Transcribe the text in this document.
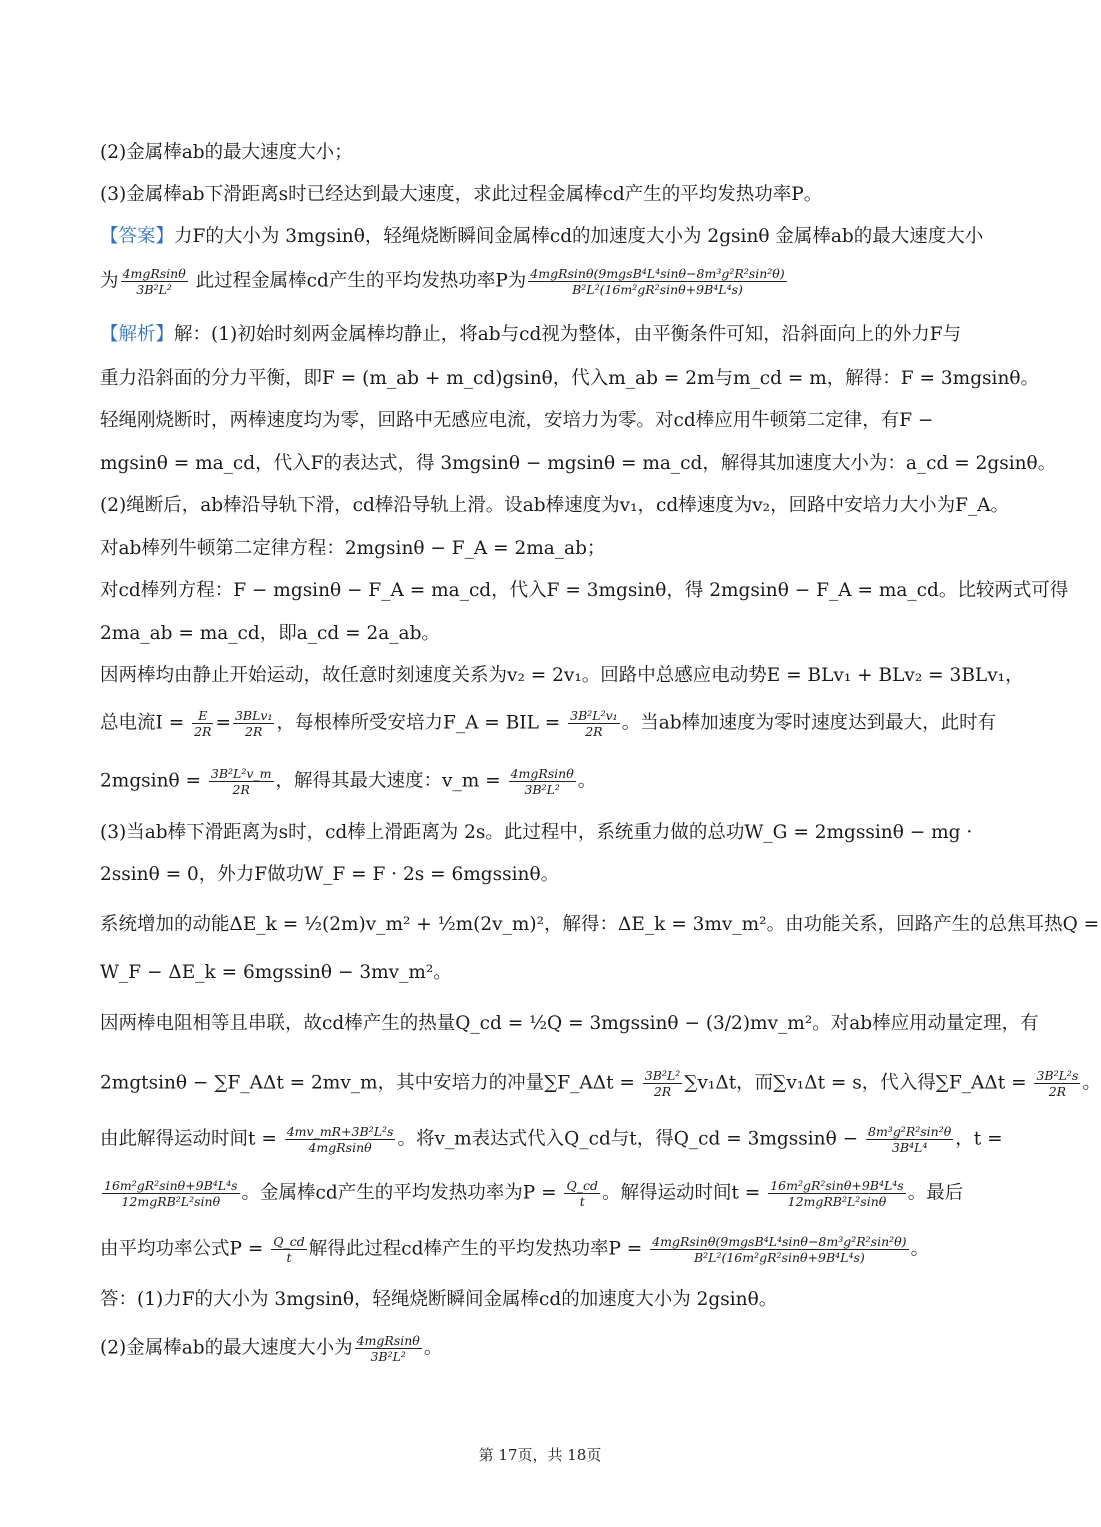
(2)金属棒ab的最大速度大小；
(3)金属棒ab下滑距离s时已经达到最大速度，求此过程金属棒cd产生的平均发热功率P。
【答案】力F的大小为 3mgsinθ，轻绳烧断瞬间金属棒cd的加速度大小为 2gsinθ 金属棒ab的最大速度大小
为 4mgRsinθ
3B²L² 此过程金属棒cd产生的平均发热功率P为 4mgRsinθ(9mgsB⁴L⁴sinθ−8m³g²R²sin²θ)
B²L²(16m²gR²sinθ+9B⁴L⁴s)
【解析】解：(1)初始时刻两金属棒均静止，将ab与cd视为整体，由平衡条件可知，沿斜面向上的外力F与
重力沿斜面的分力平衡，即F = (m_ab + m_cd)gsinθ，代入m_ab = 2m与m_cd = m，解得：F = 3mgsinθ。
轻绳刚烧断时，两棒速度均为零，回路中无感应电流，安培力为零。对cd棒应用牛顿第二定律，有F −
mgsinθ = ma_cd，代入F的表达式，得 3mgsinθ − mgsinθ = ma_cd，解得其加速度大小为：a_cd = 2gsinθ。
(2)绳断后，ab棒沿导轨下滑，cd棒沿导轨上滑。设ab棒速度为v₁，cd棒速度为v₂，回路中安培力大小为F_A。
对ab棒列牛顿第二定律方程：2mgsinθ − F_A = 2ma_ab；
对cd棒列方程：F − mgsinθ − F_A = ma_cd，代入F = 3mgsinθ，得 2mgsinθ − F_A = ma_cd。比较两式可得
2ma_ab = ma_cd，即a_cd = 2a_ab。
因两棒均由静止开始运动，故任意时刻速度关系为v₂ = 2v₁。回路中总感应电动势E = BLv₁ + BLv₂ = 3BLv₁，
总电流$I = \frac{E}{2R} = 3BLv_1$
2R ，每根棒所受安培力F_A = BIL = $\frac{\text{3B²L²v₁}}{2R}$ 。当ab棒加速度为零时速度达到最大，此时有
$2mgsin\theta = \frac{\text{3B²L²v\_m}}{2R}$ ，解得其最大速度：v_m = 4mgRsinθ
3B²L² 。
(3)当ab棒下滑距离为s时，cd棒上滑距离为 2s。此过程中，系统重力做的总功W_G = 2mgssinθ − mg ·
2ssinθ = 0，外力F做功W_F = F · 2s = 6mgssinθ。
系统增加的动能ΔE_k = ½(2m)v_m² + ½m(2v_m)²，解得：ΔE_k = 3mv_m²。由功能关系，回路产生的总焦耳热Q =
W_F − ΔE_k = 6mgssinθ − 3mv_m²。
因两棒电阻相等且串联，故cd棒产生的热量Q_cd = ½Q = 3mgssinθ − (3/2)mv_m²。对ab棒应用动量定理，有
2mgtsinθ − ∑F_AΔt = 2mv_m，其中安培力的冲量∑F_AΔt = $\frac{\text{3B²L²}}{2R} \sum v_1\Delta t$，而∑v₁Δt = s，代入得∑F_AΔt = $\frac{\text{3B²L²s}}{2R}$ 。
由此解得运动时间t = 4mv_mR+3B²L²s
4mgRsinθ	。将v_m表达式代入Q_cd与t，得Q_cd = $3mgssin\theta - \frac{\text{8m³g²R²sin²θ}}{\text{3B⁴L⁴}}$ ，t =
16m²gR²sinθ+9B⁴L⁴s
12mgRB²L²sinθ	。金属棒cd产生的平均发热功率为$P = \frac{Q\_cd}{t}$ 。解得运动时间t = 16m²gR²sinθ+9B⁴L⁴s
12mgRB²L²sinθ	。最后
由平均功率公式$P = \frac{Q\_cd}{t}$ 解得此过程cd棒产生的平均发热功率P = 4mgRsinθ(9mgsB⁴L⁴sinθ−8m³g²R²sin²θ)
B²L²(16m²gR²sinθ+9B⁴L⁴s)	。
答：(1)力F的大小为 3mgsinθ，轻绳烧断瞬间金属棒cd的加速度大小为 2gsinθ。
(2)金属棒ab的最大速度大小为 4mgRsinθ
3B²L² 。
第 17页，共 18页
